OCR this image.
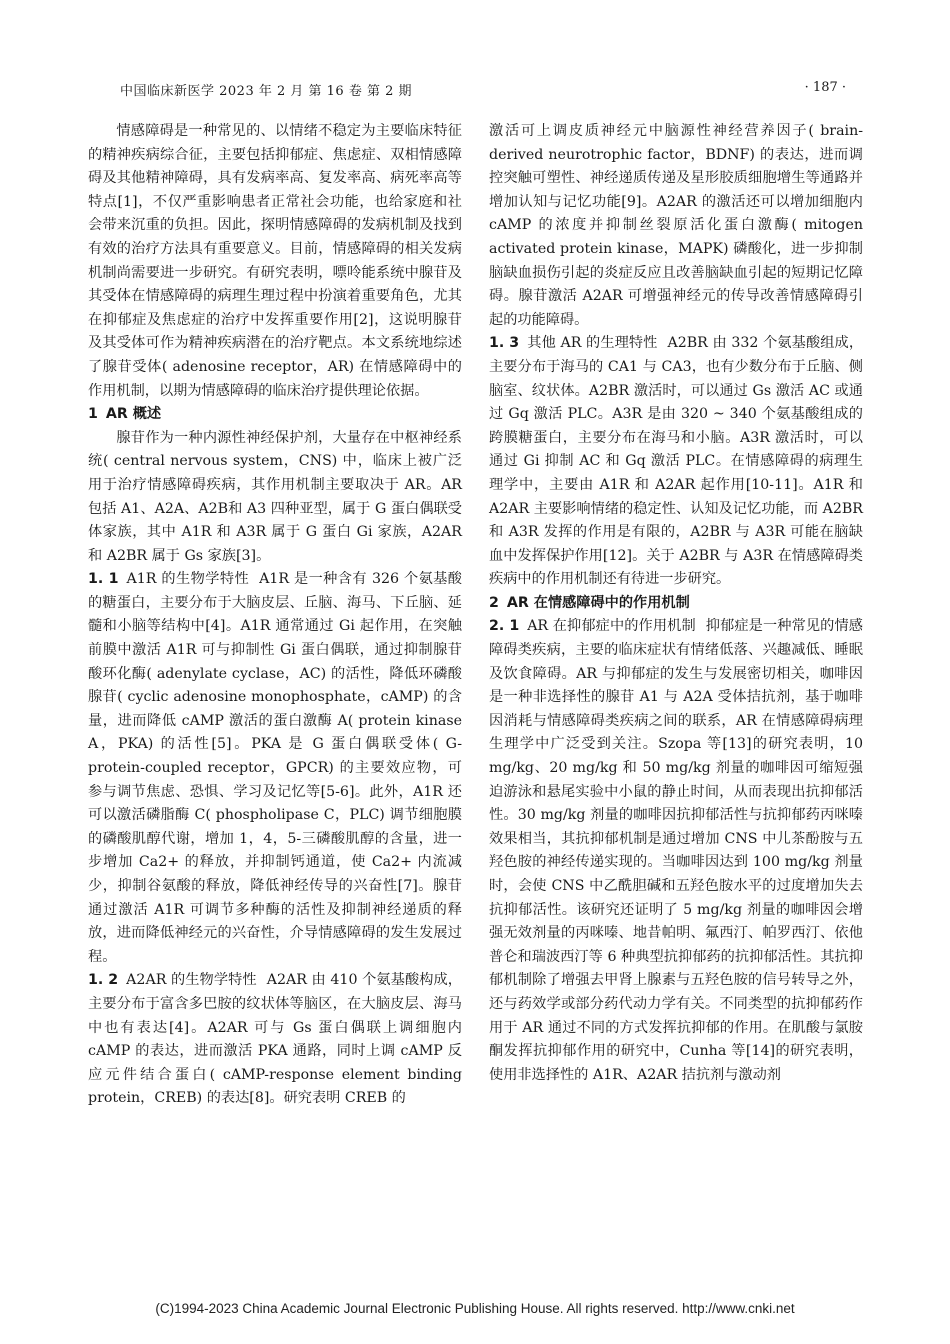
中国临床新医学 2023 年 2 月 第 16 卷 第 2 期	· 187 ·

情感障碍是一种常见的、以情绪不稳定为主要临床特征的精神疾病综合征，主要包括抑郁症、焦虑症、双相情感障碍及其他精神障碍，具有发病率高、复发率高、病死率高等特点[1]，不仅严重影响患者正常社会功能，也给家庭和社会带来沉重的负担。因此，探明情感障碍的发病机制及找到有效的治疗方法具有重要意义。目前，情感障碍的相关发病机制尚需要进一步研究。有研究表明，嘌呤能系统中腺苷及其受体在情感障碍的病理生理过程中扮演着重要角色，尤其在抑郁症及焦虑症的治疗中发挥重要作用[2]，这说明腺苷及其受体可作为精神疾病潜在的治疗靶点。本文系统地综述了腺苷受体( adenosine receptor，AR) 在情感障碍中的作用机制，以期为情感障碍的临床治疗提供理论依据。

1 AR 概述

腺苷作为一种内源性神经保护剂，大量存在中枢神经系统( central nervous system，CNS) 中，临床上被广泛用于治疗情感障碍疾病，其作用机制主要取决于 AR。AR 包括 A1、A2A、A2B和 A3 四种亚型，属于 G 蛋白偶联受体家族，其中 A1R 和 A3R 属于 G 蛋白 Gi 家族，A2AR 和 A2BR 属于 Gs 家族[3]。

1. 1 A1R 的生物学特性 A1R 是一种含有 326 个氨基酸的糖蛋白，主要分布于大脑皮层、丘脑、海马、下丘脑、延髓和小脑等结构中[4]。A1R 通常通过 Gi 起作用，在突触前膜中激活 A1R 可与抑制性 Gi 蛋白偶联，通过抑制腺苷酸环化酶( adenylate cyclase，AC) 的活性，降低环磷酸腺苷( cyclic adenosine monophosphate，cAMP) 的含量，进而降低 cAMP 激活的蛋白激酶 A( protein kinase A，PKA) 的活性[5]。PKA 是 G 蛋白偶联受体( G-protein-coupled receptor，GPCR) 的主要效应物，可参与调节焦虑、恐惧、学习及记忆等[5-6]。此外，A1R 还可以激活磷脂酶 C( phospholipase C，PLC) 调节细胞膜的磷酸肌醇代谢，增加 1，4，5-三磷酸肌醇的含量，进一步增加 Ca2+ 的释放，并抑制钙通道，使 Ca2+ 内流减少，抑制谷氨酸的释放，降低神经传导的兴奋性[7]。腺苷通过激活 A1R 可调节多种酶的活性及抑制神经递质的释放，进而降低神经元的兴奋性，介导情感障碍的发生发展过程。

1. 2 A2AR 的生物学特性 A2AR 由 410 个氨基酸构成，主要分布于富含多巴胺的纹状体等脑区，在大脑皮层、海马中也有表达[4]。A2AR 可与 Gs 蛋白偶联上调细胞内 cAMP 的表达，进而激活 PKA 通路，同时上调 cAMP 反应元件结合蛋白( cAMP-response element binding protein，CREB) 的表达[8]。研究表明 CREB 的

激活可上调皮质神经元中脑源性神经营养因子( brain-derived neurotrophic factor，BDNF) 的表达，进而调控突触可塑性、神经递质传递及星形胶质细胞增生等通路并增加认知与记忆功能[9]。A2AR 的激活还可以增加细胞内 cAMP 的浓度并抑制丝裂原活化蛋白激酶( mitogen activated protein kinase，MAPK) 磷酸化，进一步抑制脑缺血损伤引起的炎症反应且改善脑缺血引起的短期记忆障碍。腺苷激活 A2AR 可增强神经元的传导改善情感障碍引起的功能障碍。

1. 3 其他 AR 的生理特性 A2BR 由 332 个氨基酸组成，主要分布于海马的 CA1 与 CA3，也有少数分布于丘脑、侧脑室、纹状体。A2BR 激活时，可以通过 Gs 激活 AC 或通过 Gq 激活 PLC。A3R 是由 320 ~ 340 个氨基酸组成的跨膜糖蛋白，主要分布在海马和小脑。A3R 激活时，可以通过 Gi 抑制 AC 和 Gq 激活 PLC。在情感障碍的病理生理学中，主要由 A1R 和 A2AR 起作用[10-11]。A1R 和 A2AR 主要影响情绪的稳定性、认知及记忆功能，而 A2BR 和 A3R 发挥的作用是有限的，A2BR 与 A3R 可能在脑缺血中发挥保护作用[12]。关于 A2BR 与 A3R 在情感障碍类疾病中的作用机制还有待进一步研究。

2 AR 在情感障碍中的作用机制

2. 1 AR 在抑郁症中的作用机制 抑郁症是一种常见的情感障碍类疾病，主要的临床症状有情绪低落、兴趣减低、睡眠及饮食障碍。AR 与抑郁症的发生与发展密切相关，咖啡因是一种非选择性的腺苷 A1 与 A2A 受体拮抗剂，基于咖啡因消耗与情感障碍类疾病之间的联系，AR 在情感障碍病理生理学中广泛受到关注。Szopa 等[13]的研究表明，10 mg/kg、20 mg/kg 和 50 mg/kg 剂量的咖啡因可缩短强迫游泳和悬尾实验中小鼠的静止时间，从而表现出抗抑郁活性。30 mg/kg 剂量的咖啡因抗抑郁活性与抗抑郁药丙咪嗪效果相当，其抗抑郁机制是通过增加 CNS 中儿茶酚胺与五羟色胺的神经传递实现的。当咖啡因达到 100 mg/kg 剂量时，会使 CNS 中乙酰胆碱和五羟色胺水平的过度增加失去抗抑郁活性。该研究还证明了 5 mg/kg 剂量的咖啡因会增强无效剂量的丙咪嗪、地昔帕明、氟西汀、帕罗西汀、依他普仑和瑞波西汀等 6 种典型抗抑郁药的抗抑郁活性。其抗抑郁机制除了增强去甲肾上腺素与五羟色胺的信号转导之外，还与药效学或部分药代动力学有关。不同类型的抗抑郁药作用于 AR 通过不同的方式发挥抗抑郁的作用。在肌酸与氯胺酮发挥抗抑郁作用的研究中，Cunha 等[14]的研究表明，使用非选择性的 A1R、A2AR 拮抗剂与激动剂

(C)1994-2023 China Academic Journal Electronic Publishing House. All rights reserved. http://www.cnki.net
